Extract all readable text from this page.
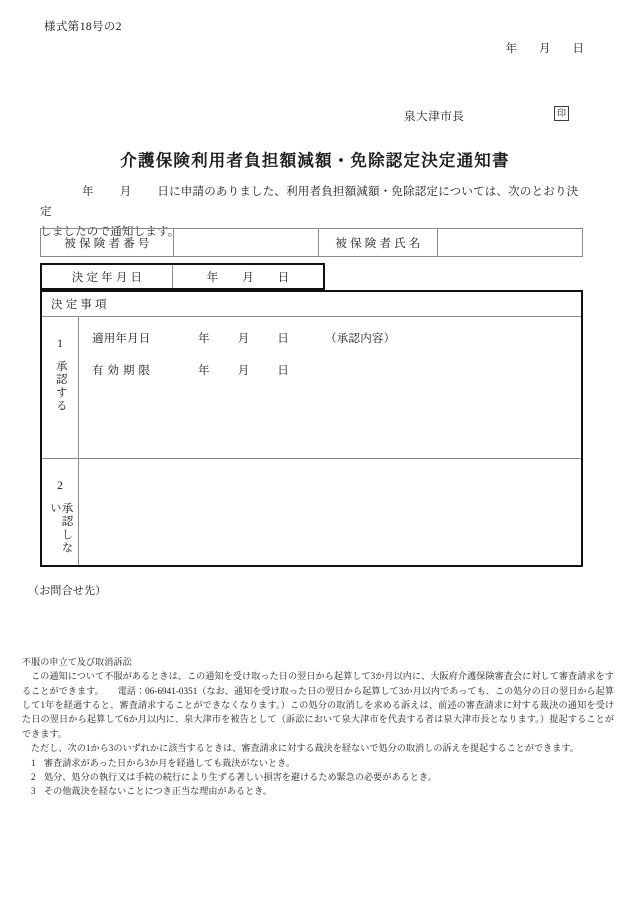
様式第18号の2
年 月 日
泉大津市長	印
介護保険利用者負担額減額・免除認定決定通知書
年 月 日に申請のありました、利用者負担額減額・免除認定については、次のとおり決定
しましたので通知します。
被保険者番号	被保険者氏名
決定年月日	年 月 日
決定事項
1
承認する
適用年月日	年 月 日	（承認内容）
有効期限	年 月 日
2
承認しない
（お問合せ先）
不服の申立て及び取消訴訟
この通知について不服があるときは、この通知を受け取った日の翌日から起算して3か月以内に、大阪府介護保険審査会に対して審査請求をすることができます。 電話：06-6941-0351（なお、通知を受け取った日の翌日から起算して3か月以内であっても、この処分の日の翌日から起算して1年を経過すると、審査請求することができなくなります。）この処分の取消しを求める訴えは、前述の審査請求に対する裁決の通知を受けた日の翌日から起算して6か月以内に、泉大津市を被告として（訴訟において泉大津市を代表する者は泉大津市長となります。）提起することができます。
ただし、次の1から3のいずれかに該当するときは、審査請求に対する裁決を経ないで処分の取消しの訴えを提起することができます。
1 審査請求があった日から3か月を経過しても裁決がないとき。
2 処分、処分の執行又は手続の続行により生ずる著しい損害を避けるため緊急の必要があるとき。
3 その他裁決を経ないことにつき正当な理由があるとき。
